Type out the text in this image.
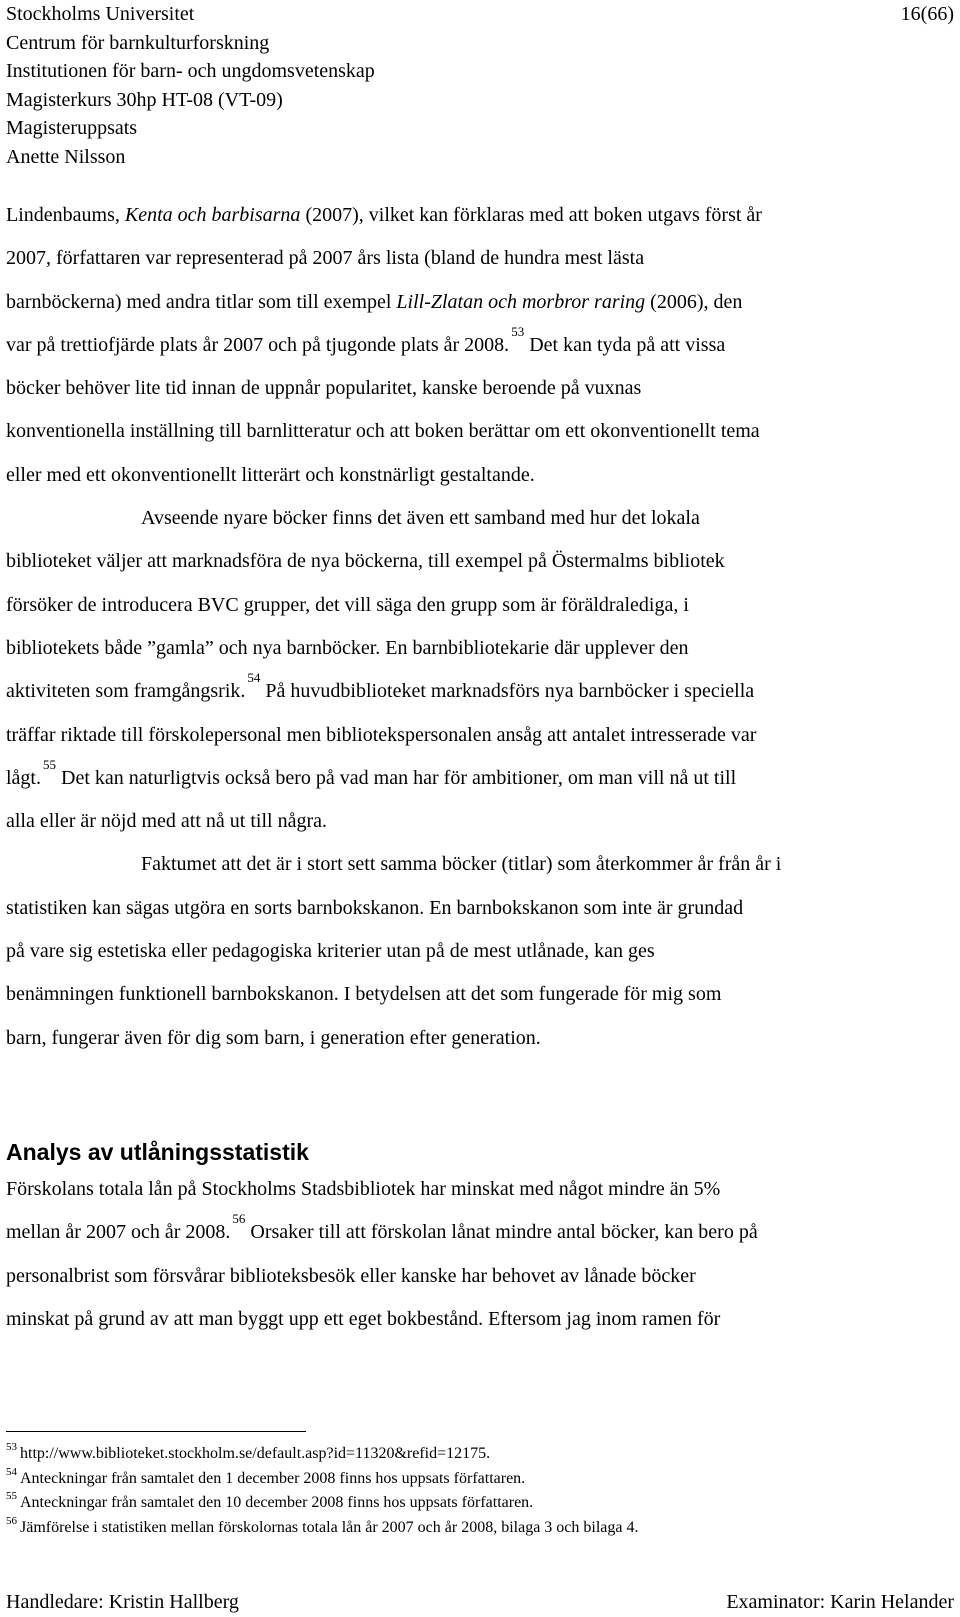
Stockholms Universitet
Centrum för barnkulturforskning
Institutionen för barn- och ungdomsvetenskap
Magisterkurs 30hp HT-08 (VT-09)
Magisteruppsats
Anette Nilsson
16(66)

Lindenbaums, Kenta och barbisarna (2007), vilket kan förklaras med att boken utgavs först år

2007, författaren var representerad på 2007 års lista (bland de hundra mest lästa

barnböckerna) med andra titlar som till exempel Lill-Zlatan och morbror raring (2006), den

var på trettiofjärde plats år 2007 och på tjugonde plats år 2008.53 Det kan tyda på att vissa

böcker behöver lite tid innan de uppnår popularitet, kanske beroende på vuxnas

konventionella inställning till barnlitteratur och att boken berättar om ett okonventionellt tema

eller med ett okonventionellt litterärt och konstnärligt gestaltande.

Avseende nyare böcker finns det även ett samband med hur det lokala

biblioteket väljer att marknadsföra de nya böckerna, till exempel på Östermalms bibliotek

försöker de introducera BVC grupper, det vill säga den grupp som är föräldralediga, i

bibliotekets både ”gamla” och nya barnböcker. En barnbibliotekarie där upplever den

aktiviteten som framgångsrik.$^{54}$ På huvudbiblioteket marknadsförs nya barnböcker i speciella

träffar riktade till förskolepersonal men bibliotekspersonalen ansåg att antalet intresserade var

lågt.$^{55}$ Det kan naturligtvis också bero på vad man har för ambitioner, om man vill nå ut till

alla eller är nöjd med att nå ut till några.

Faktumet att det är i stort sett samma böcker (titlar) som återkommer år från år i

statistiken kan sägas utgöra en sorts barnbokskanon. En barnbokskanon som inte är grundad

på vare sig estetiska eller pedagogiska kriterier utan på de mest utlånade, kan ges

benämningen funktionell barnbokskanon. I betydelsen att det som fungerade för mig som

barn, fungerar även för dig som barn, i generation efter generation.

Analys av utlåningsstatistik

Förskolans totala lån på Stockholms Stadsbibliotek har minskat med något mindre än 5%

mellan år 2007 och år 2008.56 Orsaker till att förskolan lånat mindre antal böcker, kan bero på

personalbrist som försvårar biblioteksbesök eller kanske har behovet av lånade böcker

minskat på grund av att man byggt upp ett eget bokbestånd. Eftersom jag inom ramen för

$^{53}$ http://www.biblioteket.stockholm.se/default.asp?id=11320&refid=12175.
$^{54}$ Anteckningar från samtalet den 1 december 2008 finns hos uppsats författaren.
$^{55}$ Anteckningar från samtalet den 10 december 2008 finns hos uppsats författaren.
$^{56}$ Jämförelse i statistiken mellan förskolornas totala lån år 2007 och år 2008, bilaga 3 och bilaga 4.
Handledare: Kristin Hallberg	Examinator: Karin Helander
